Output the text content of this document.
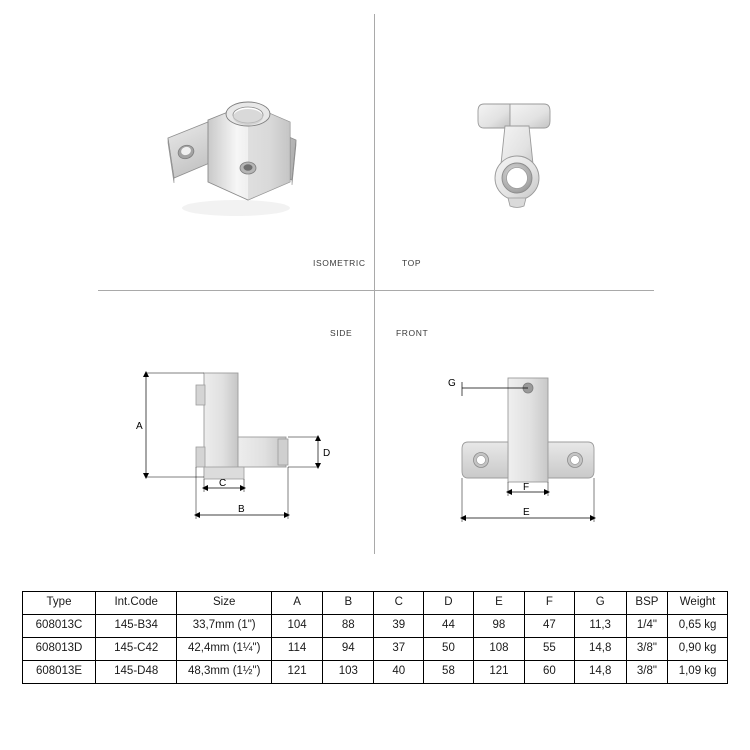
A
D
C
B
G
F
E
ISOMETRIC	TOP
SIDE	FRONT
Type	Int.Code	Size	A	B	C	D	E	F	G	BSP	Weight
608013C	145-B34	33,7mm (1")	104	88	39	44	98	47	11,3	1/4"	0,65 kg
608013D	145-C42	42,4mm (1¼")	114	94	37	50	108	55	14,8	3/8"	0,90 kg
608013E	145-D48	48,3mm (1½")	121	103	40	58	121	60	14,8	3/8"	1,09 kg
